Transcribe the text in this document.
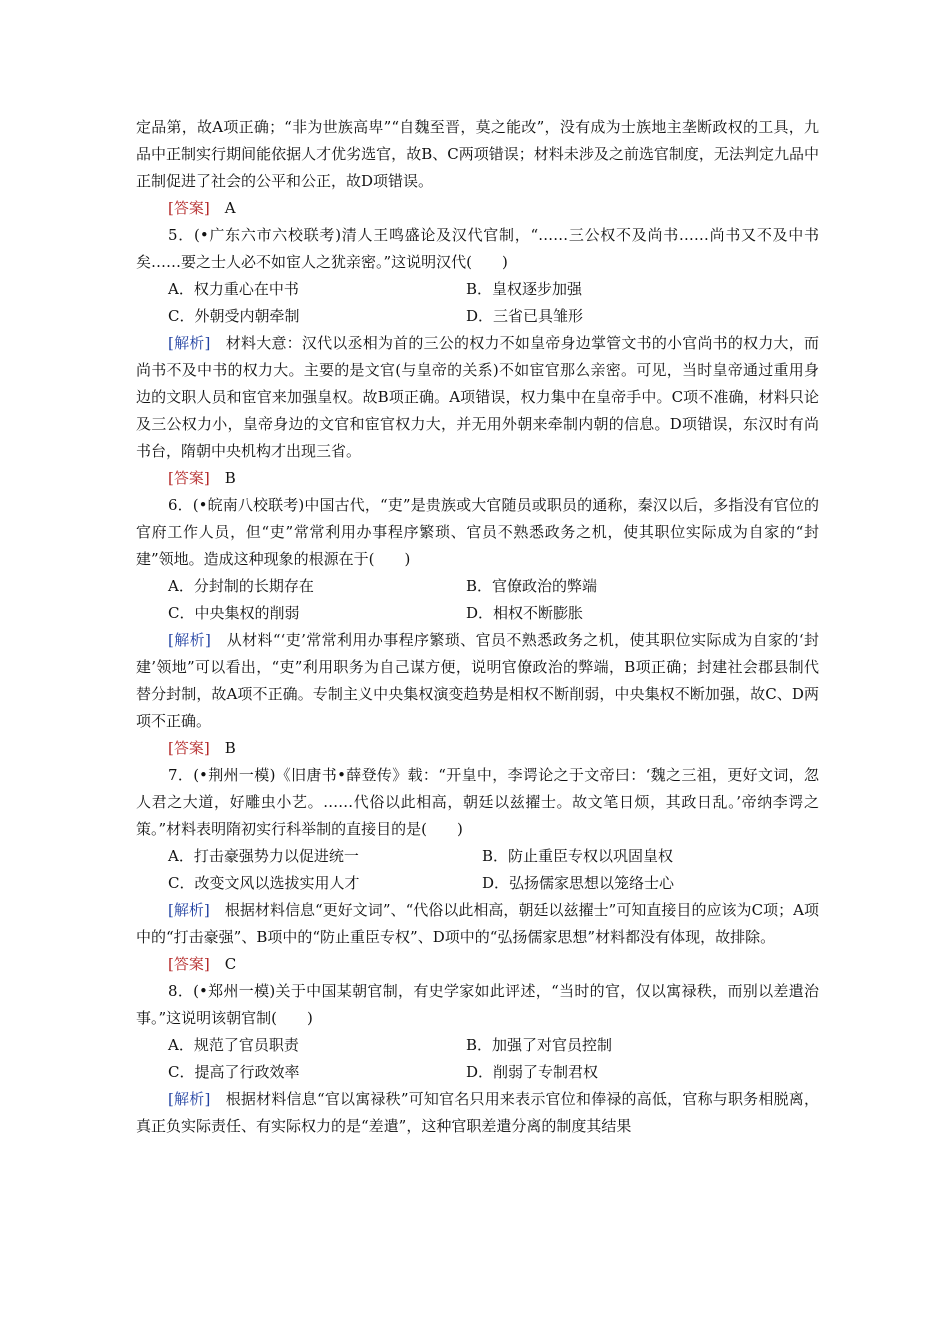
定品第，故A项正确；“非为世族高卑”“自魏至晋，莫之能改”，没有成为士族地主垄断政权的工具，九品中正制实行期间能依据人才优劣选官，故B、C两项错误；材料未涉及之前选官制度，无法判定九品中正制促进了社会的公平和公正，故D项错误。
[答案]　 A
5．(•广东六市六校联考)清人王鸣盛论及汉代官制，“……三公权不及尚书……尚书又不及中书矣……要之士人必不如宦人之犹亲密。”这说明汉代(　　)
A．权力重心在中书	B．皇权逐步加强
C．外朝受内朝牵制	D．三省已具雏形
[解析]　 材料大意：汉代以丞相为首的三公的权力不如皇帝身边掌管文书的小官尚书的权力大，而尚书不及中书的权力大。主要的是文官(与皇帝的关系)不如宦官那么亲密。可见，当时皇帝通过重用身边的文职人员和宦官来加强皇权。故B项正确。A项错误，权力集中在皇帝手中。C项不准确，材料只论及三公权力小，皇帝身边的文官和宦官权力大，并无用外朝来牵制内朝的信息。D项错误，东汉时有尚书台，隋朝中央机构才出现三省。
[答案]　 B
6．(•皖南八校联考)中国古代，“吏”是贵族或大官随员或职员的通称，秦汉以后，多指没有官位的官府工作人员，但“吏”常常利用办事程序繁琐、官员不熟悉政务之机，使其职位实际成为自家的“封建”领地。造成这种现象的根源在于(　　)
A．分封制的长期存在	B．官僚政治的弊端
C．中央集权的削弱	D．相权不断膨胀
[解析]　 从材料“‘吏’常常利用办事程序繁琐、官员不熟悉政务之机，使其职位实际成为自家的‘封建’领地”可以看出，“吏”利用职务为自己谋方便，说明官僚政治的弊端，B项正确；封建社会郡县制代替分封制，故A项不正确。专制主义中央集权演变趋势是相权不断削弱，中央集权不断加强，故C、D两项不正确。
[答案]　 B
7．(•荆州一模)《旧唐书•薛登传》载：“开皇中，李谔论之于文帝曰：‘魏之三祖，更好文词，忽人君之大道，好雕虫小艺。……代俗以此相高，朝廷以兹擢士。故文笔日烦，其政日乱。’帝纳李谔之策。”材料表明隋初实行科举制的直接目的是(　　)
A．打击豪强势力以促进统一	B．防止重臣专权以巩固皇权
C．改变文风以选拔实用人才	D．弘扬儒家思想以笼络士心
[解析]　 根据材料信息“更好文词”、“代俗以此相高，朝廷以兹擢士”可知直接目的应该为C项；A项中的“打击豪强”、B项中的“防止重臣专权”、D项中的“弘扬儒家思想”材料都没有体现，故排除。
[答案]　 C
8．(•郑州一模)关于中国某朝官制，有史学家如此评述，“当时的官，仅以寓禄秩，而别以差遣治事。”这说明该朝官制(　　)
A．规范了官员职责	B．加强了对官员控制
C．提高了行政效率	D．削弱了专制君权
[解析]　 根据材料信息“官以寓禄秩”可知官名只用来表示官位和俸禄的高低，官称与职务相脱离，真正负实际责任、有实际权力的是“差遣”，这种官职差遣分离的制度其结果
